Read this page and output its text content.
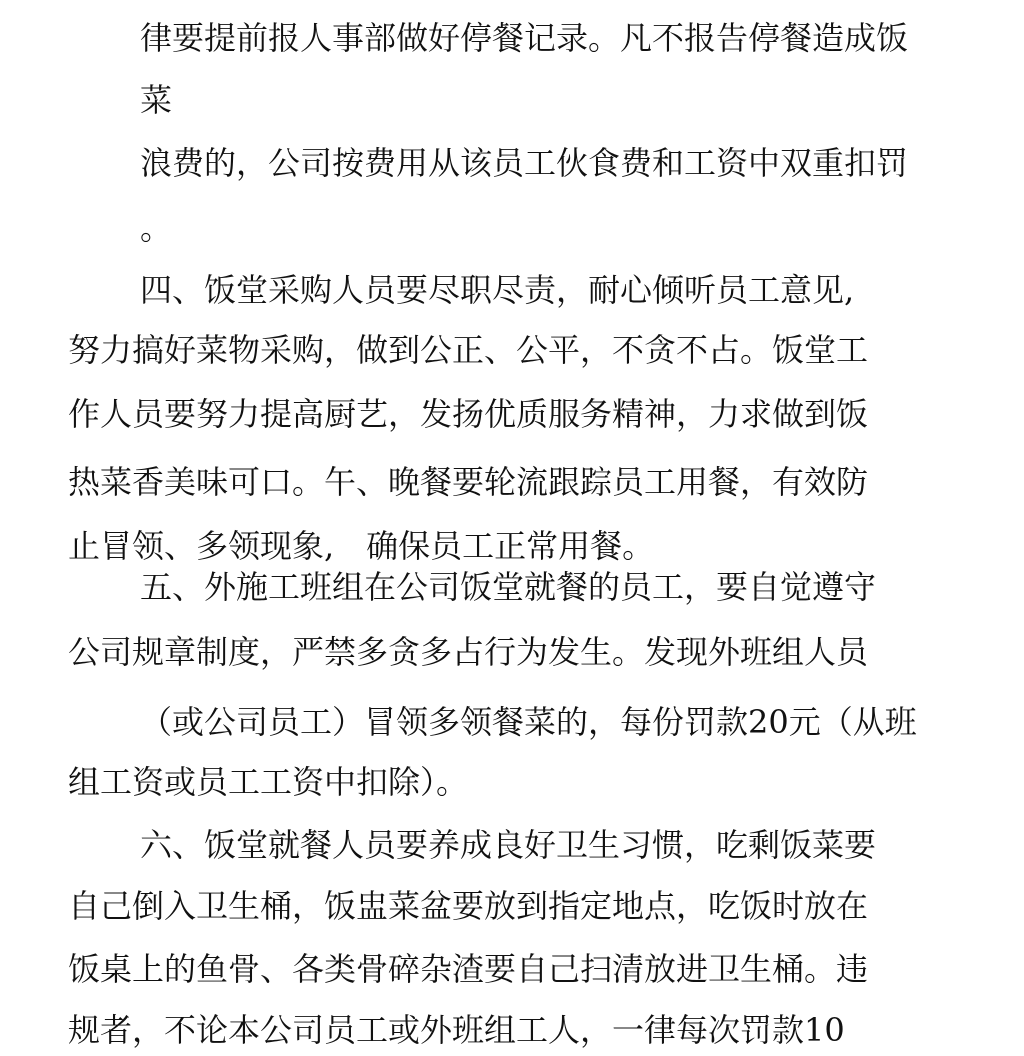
律要提前报人事部做好停餐记录。凡不报告停餐造成饭
菜
浪费的，公司按费用从该员工伙食费和工资中双重扣罚
。
四、饭堂采购人员要尽职尽责，耐心倾听员工意见,
努力搞好菜物采购，做到公正、公平，不贪不占。饭堂工
作人员要努力提高厨艺，发扬优质服务精神，力求做到饭
热菜香美味可口。午、晚餐要轮流跟踪员工用餐，有效防
止冒领、多领现象,　确保员工正常用餐。
五、外施工班组在公司饭堂就餐的员工，要自觉遵守
公司规章制度，严禁多贪多占行为发生。发现外班组人员
（或公司员工）冒领多领餐菜的，每份罚款20元（从班
组工资或员工工资中扣除）。
六、饭堂就餐人员要养成良好卫生习惯，吃剩饭菜要
自己倒入卫生桶，饭盅菜盆要放到指定地点，吃饭时放在
饭桌上的鱼骨、各类骨碎杂渣要自己扫清放进卫生桶。违
规者，不论本公司员工或外班组工人，一律每次罚款10
